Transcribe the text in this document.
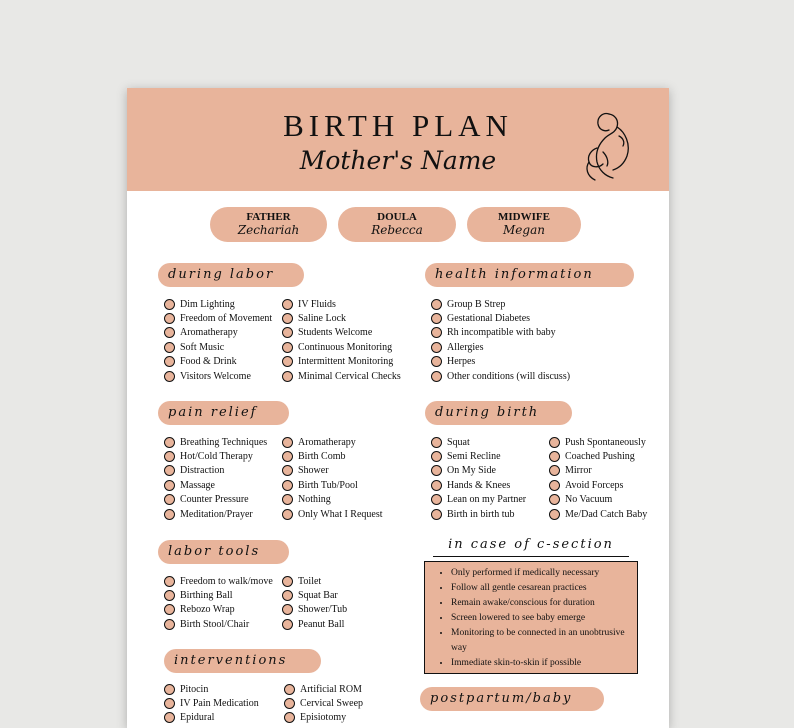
BIRTH PLAN
Mother's Name
FATHER
Zechariah
DOULA
Rebecca
MIDWIFE
Megan
during labor
Dim Lighting
Freedom of Movement
Aromatherapy
Soft Music
Food & Drink
Visitors Welcome
IV Fluids
Saline Lock
Students Welcome
Continuous Monitoring
Intermittent Monitoring
Minimal Cervical Checks
health information
Group B Strep
Gestational Diabetes
Rh incompatible with baby
Allergies
Herpes
Other conditions (will discuss)
pain relief
Breathing Techniques
Hot/Cold Therapy
Distraction
Massage
Counter Pressure
Meditation/Prayer
Aromatherapy
Birth Comb
Shower
Birth Tub/Pool
Nothing
Only What I Request
during birth
Squat
Semi Recline
On My Side
Hands & Knees
Lean on my Partner
Birth in birth tub
Push Spontaneously
Coached Pushing
Mirror
Avoid Forceps
No Vacuum
Me/Dad Catch Baby
labor tools
Freedom to walk/move
Birthing Ball
Rebozo Wrap
Birth Stool/Chair
Toilet
Squat Bar
Shower/Tub
Peanut Ball
in case of c-section
• Only performed if medically necessary
• Follow all gentle cesarean practices
• Remain awake/conscious for duration
• Screen lowered to see baby emerge
• Monitoring to be connected in an unobtrusive way
• Immediate skin-to-skin if possible
interventions
Pitocin
IV Pain Medication
Epidural
Artificial ROM
Cervical Sweep
Episiotomy
postpartum/baby
